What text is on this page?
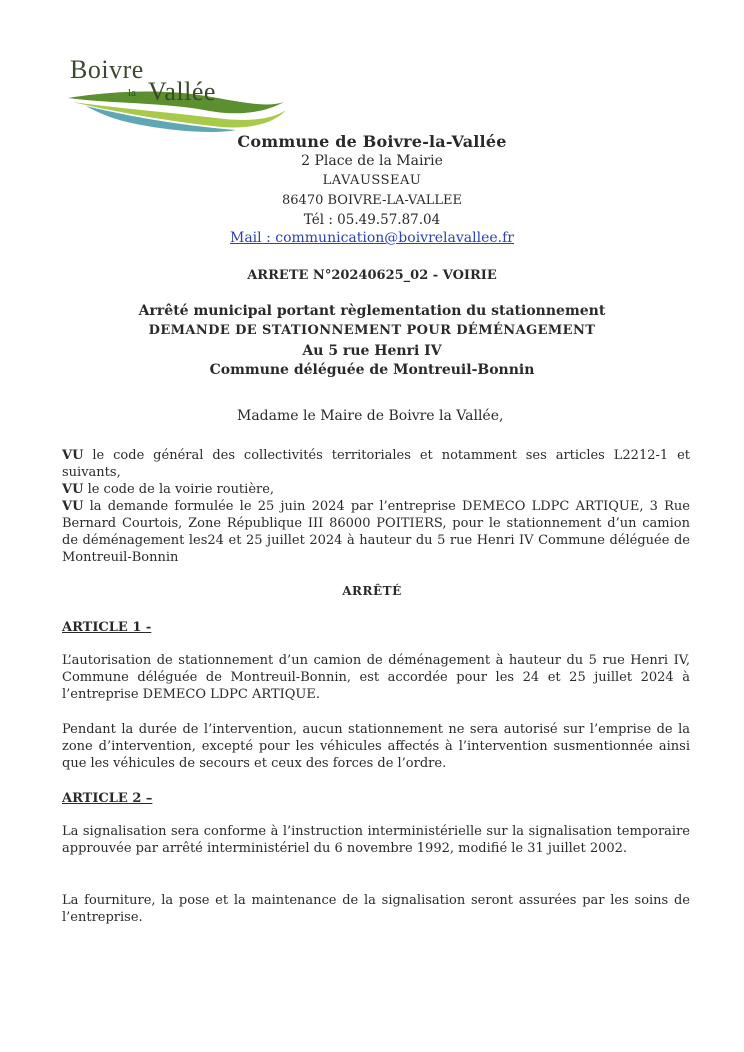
Boivre
la Vallée
Commune de Boivre-la-Vallée
2 Place de la Mairie
LAVAUSSEAU
86470 BOIVRE-LA-VALLEE
Tél : 05.49.57.87.04
Mail : communication@boivrelavallee.fr
ARRETE N°20240625_02 - VOIRIE
Arrêté municipal portant règlementation du stationnement
DEMANDE DE STATIONNEMENT POUR DÉMÉNAGEMENT
Au 5 rue Henri IV
Commune déléguée de Montreuil-Bonnin
Madame le Maire de Boivre la Vallée,
VU le code général des collectivités territoriales et notamment ses articles L2212-1 et suivants,
VU le code de la voirie routière,
VU la demande formulée le 25 juin 2024 par l’entreprise DEMECO LDPC ARTIQUE, 3 Rue Bernard Courtois, Zone République III 86000 POITIERS, pour le stationnement d’un camion de déménagement les24 et 25 juillet 2024 à hauteur du 5 rue Henri IV Commune déléguée de Montreuil-Bonnin
ARRÊTÉ
ARTICLE 1 -
L’autorisation de stationnement d’un camion de déménagement à hauteur du 5 rue Henri IV, Commune déléguée de Montreuil-Bonnin, est accordée pour les 24 et 25 juillet 2024 à l’entreprise DEMECO LDPC ARTIQUE.
Pendant la durée de l’intervention, aucun stationnement ne sera autorisé sur l’emprise de la zone d’intervention, excepté pour les véhicules affectés à l’intervention susmentionnée ainsi que les véhicules de secours et ceux des forces de l’ordre.
ARTICLE 2 –
La signalisation sera conforme à l’instruction interministérielle sur la signalisation temporaire approuvée par arrêté interministériel du 6 novembre 1992, modifié le 31 juillet 2002.
La fourniture, la pose et la maintenance de la signalisation seront assurées par les soins de l’entreprise.
